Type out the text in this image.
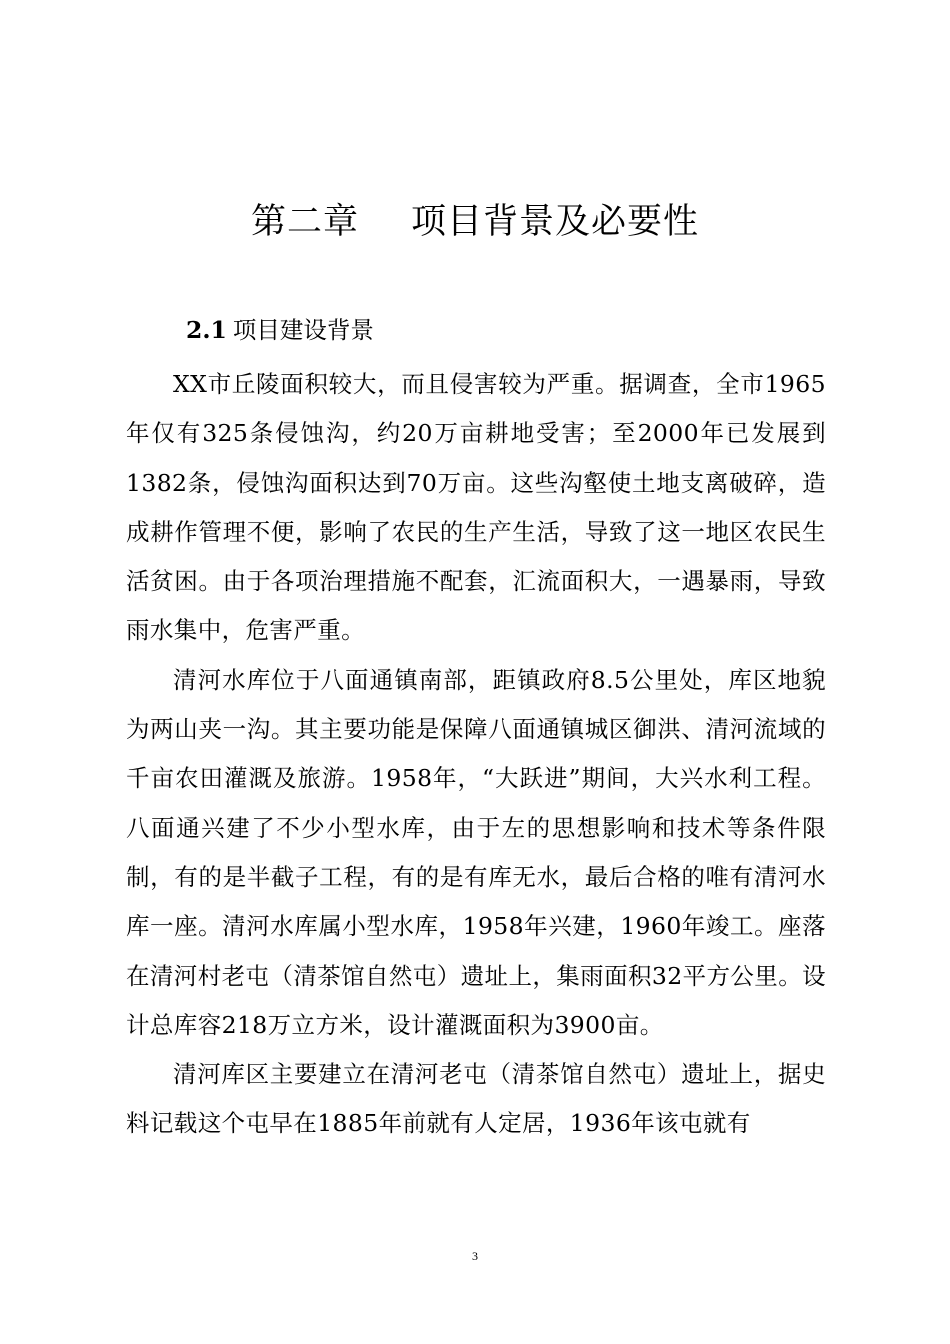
第二章 项目背景及必要性
2.1 项目建设背景

XX市丘陵面积较大，而且侵害较为严重。据调查，全市1965年仅有325条侵蚀沟，约20万亩耕地受害；至2000年已发展到1382条，侵蚀沟面积达到70万亩。这些沟壑使土地支离破碎，造成耕作管理不便，影响了农民的生产生活，导致了这一地区农民生活贫困。由于各项治理措施不配套，汇流面积大，一遇暴雨，导致雨水集中，危害严重。

清河水库位于八面通镇南部，距镇政府8.5公里处，库区地貌为两山夹一沟。其主要功能是保障八面通镇城区御洪、清河流域的千亩农田灌溉及旅游。1958年，“大跃进”期间，大兴水利工程。八面通兴建了不少小型水库，由于左的思想影响和技术等条件限制，有的是半截子工程，有的是有库无水，最后合格的唯有清河水库一座。清河水库属小型水库，1958年兴建，1960年竣工。座落在清河村老屯（清茶馆自然屯）遗址上，集雨面积32平方公里。设计总库容218万立方米，设计灌溉面积为3900亩。

清河库区主要建立在清河老屯（清茶馆自然屯）遗址上，据史料记载这个屯早在1885年前就有人定居，1936年该屯就有

3
